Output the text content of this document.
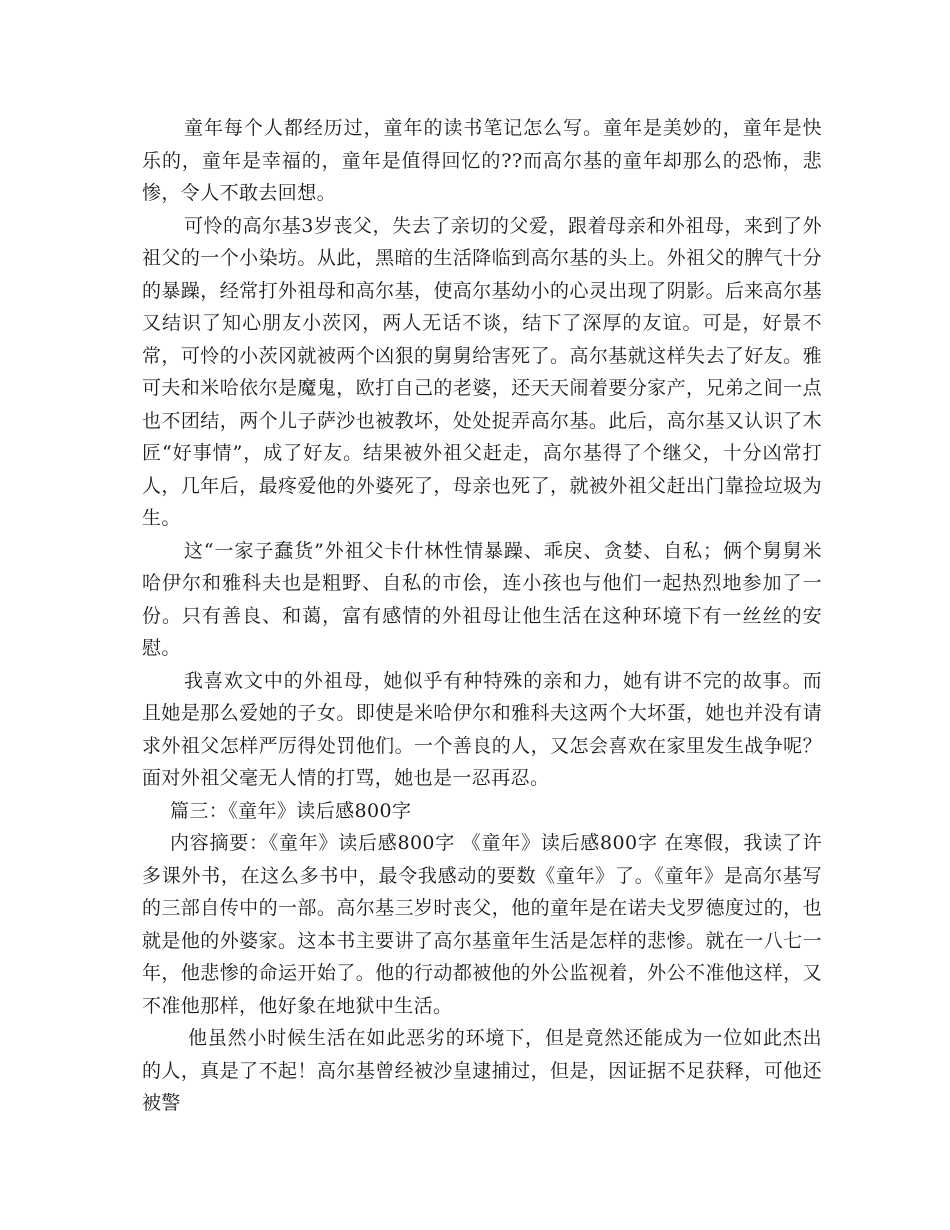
童年每个人都经历过，童年的读书笔记怎么写。童年是美妙的，童年是快乐的，童年是幸福的，童年是值得回忆的??而高尔基的童年却那么的恐怖，悲惨，令人不敢去回想。

可怜的高尔基3岁丧父，失去了亲切的父爱，跟着母亲和外祖母，来到了外祖父的一个小染坊。从此，黑暗的生活降临到高尔基的头上。外祖父的脾气十分的暴躁，经常打外祖母和高尔基，使高尔基幼小的心灵出现了阴影。后来高尔基又结识了知心朋友小茨冈，两人无话不谈，结下了深厚的友谊。可是，好景不常，可怜的小茨冈就被两个凶狠的舅舅给害死了。高尔基就这样失去了好友。雅可夫和米哈依尔是魔鬼，欧打自己的老婆，还天天闹着要分家产，兄弟之间一点也不团结，两个儿子萨沙也被教坏，处处捉弄高尔基。此后，高尔基又认识了木匠“好事情”，成了好友。结果被外祖父赶走，高尔基得了个继父，十分凶常打人，几年后，最疼爱他的外婆死了，母亲也死了，就被外祖父赶出门靠捡垃圾为生。

这“一家子蠢货”外祖父卡什林性情暴躁、乖戾、贪婪、自私；俩个舅舅米哈伊尔和雅科夫也是粗野、自私的市侩，连小孩也与他们一起热烈地参加了一份。只有善良、和蔼，富有感情的外祖母让他生活在这种环境下有一丝丝的安慰。

我喜欢文中的外祖母，她似乎有种特殊的亲和力，她有讲不完的故事。而且她是那么爱她的子女。即使是米哈伊尔和雅科夫这两个大坏蛋，她也并没有请求外祖父怎样严厉得处罚他们。一个善良的人，又怎会喜欢在家里发生战争呢？面对外祖父毫无人情的打骂，她也是一忍再忍。

篇三：《童年》读后感800字

内容摘要：《童年》读后感800字 《童年》读后感800字 在寒假，我读了许多课外书，在这么多书中，最令我感动的要数《童年》了。《童年》是高尔基写的三部自传中的一部。高尔基三岁时丧父，他的童年是在诺夫戈罗德度过的，也就是他的外婆家。这本书主要讲了高尔基童年生活是怎样的悲惨。就在一八七一年，他悲惨的命运开始了。他的行动都被他的外公监视着，外公不准他这样，又不准他那样，他好象在地狱中生活。

他虽然小时候生活在如此恶劣的环境下，但是竟然还能成为一位如此杰出的人，真是了不起！高尔基曾经被沙皇逮捕过，但是，因证据不足获释，可他还被警
